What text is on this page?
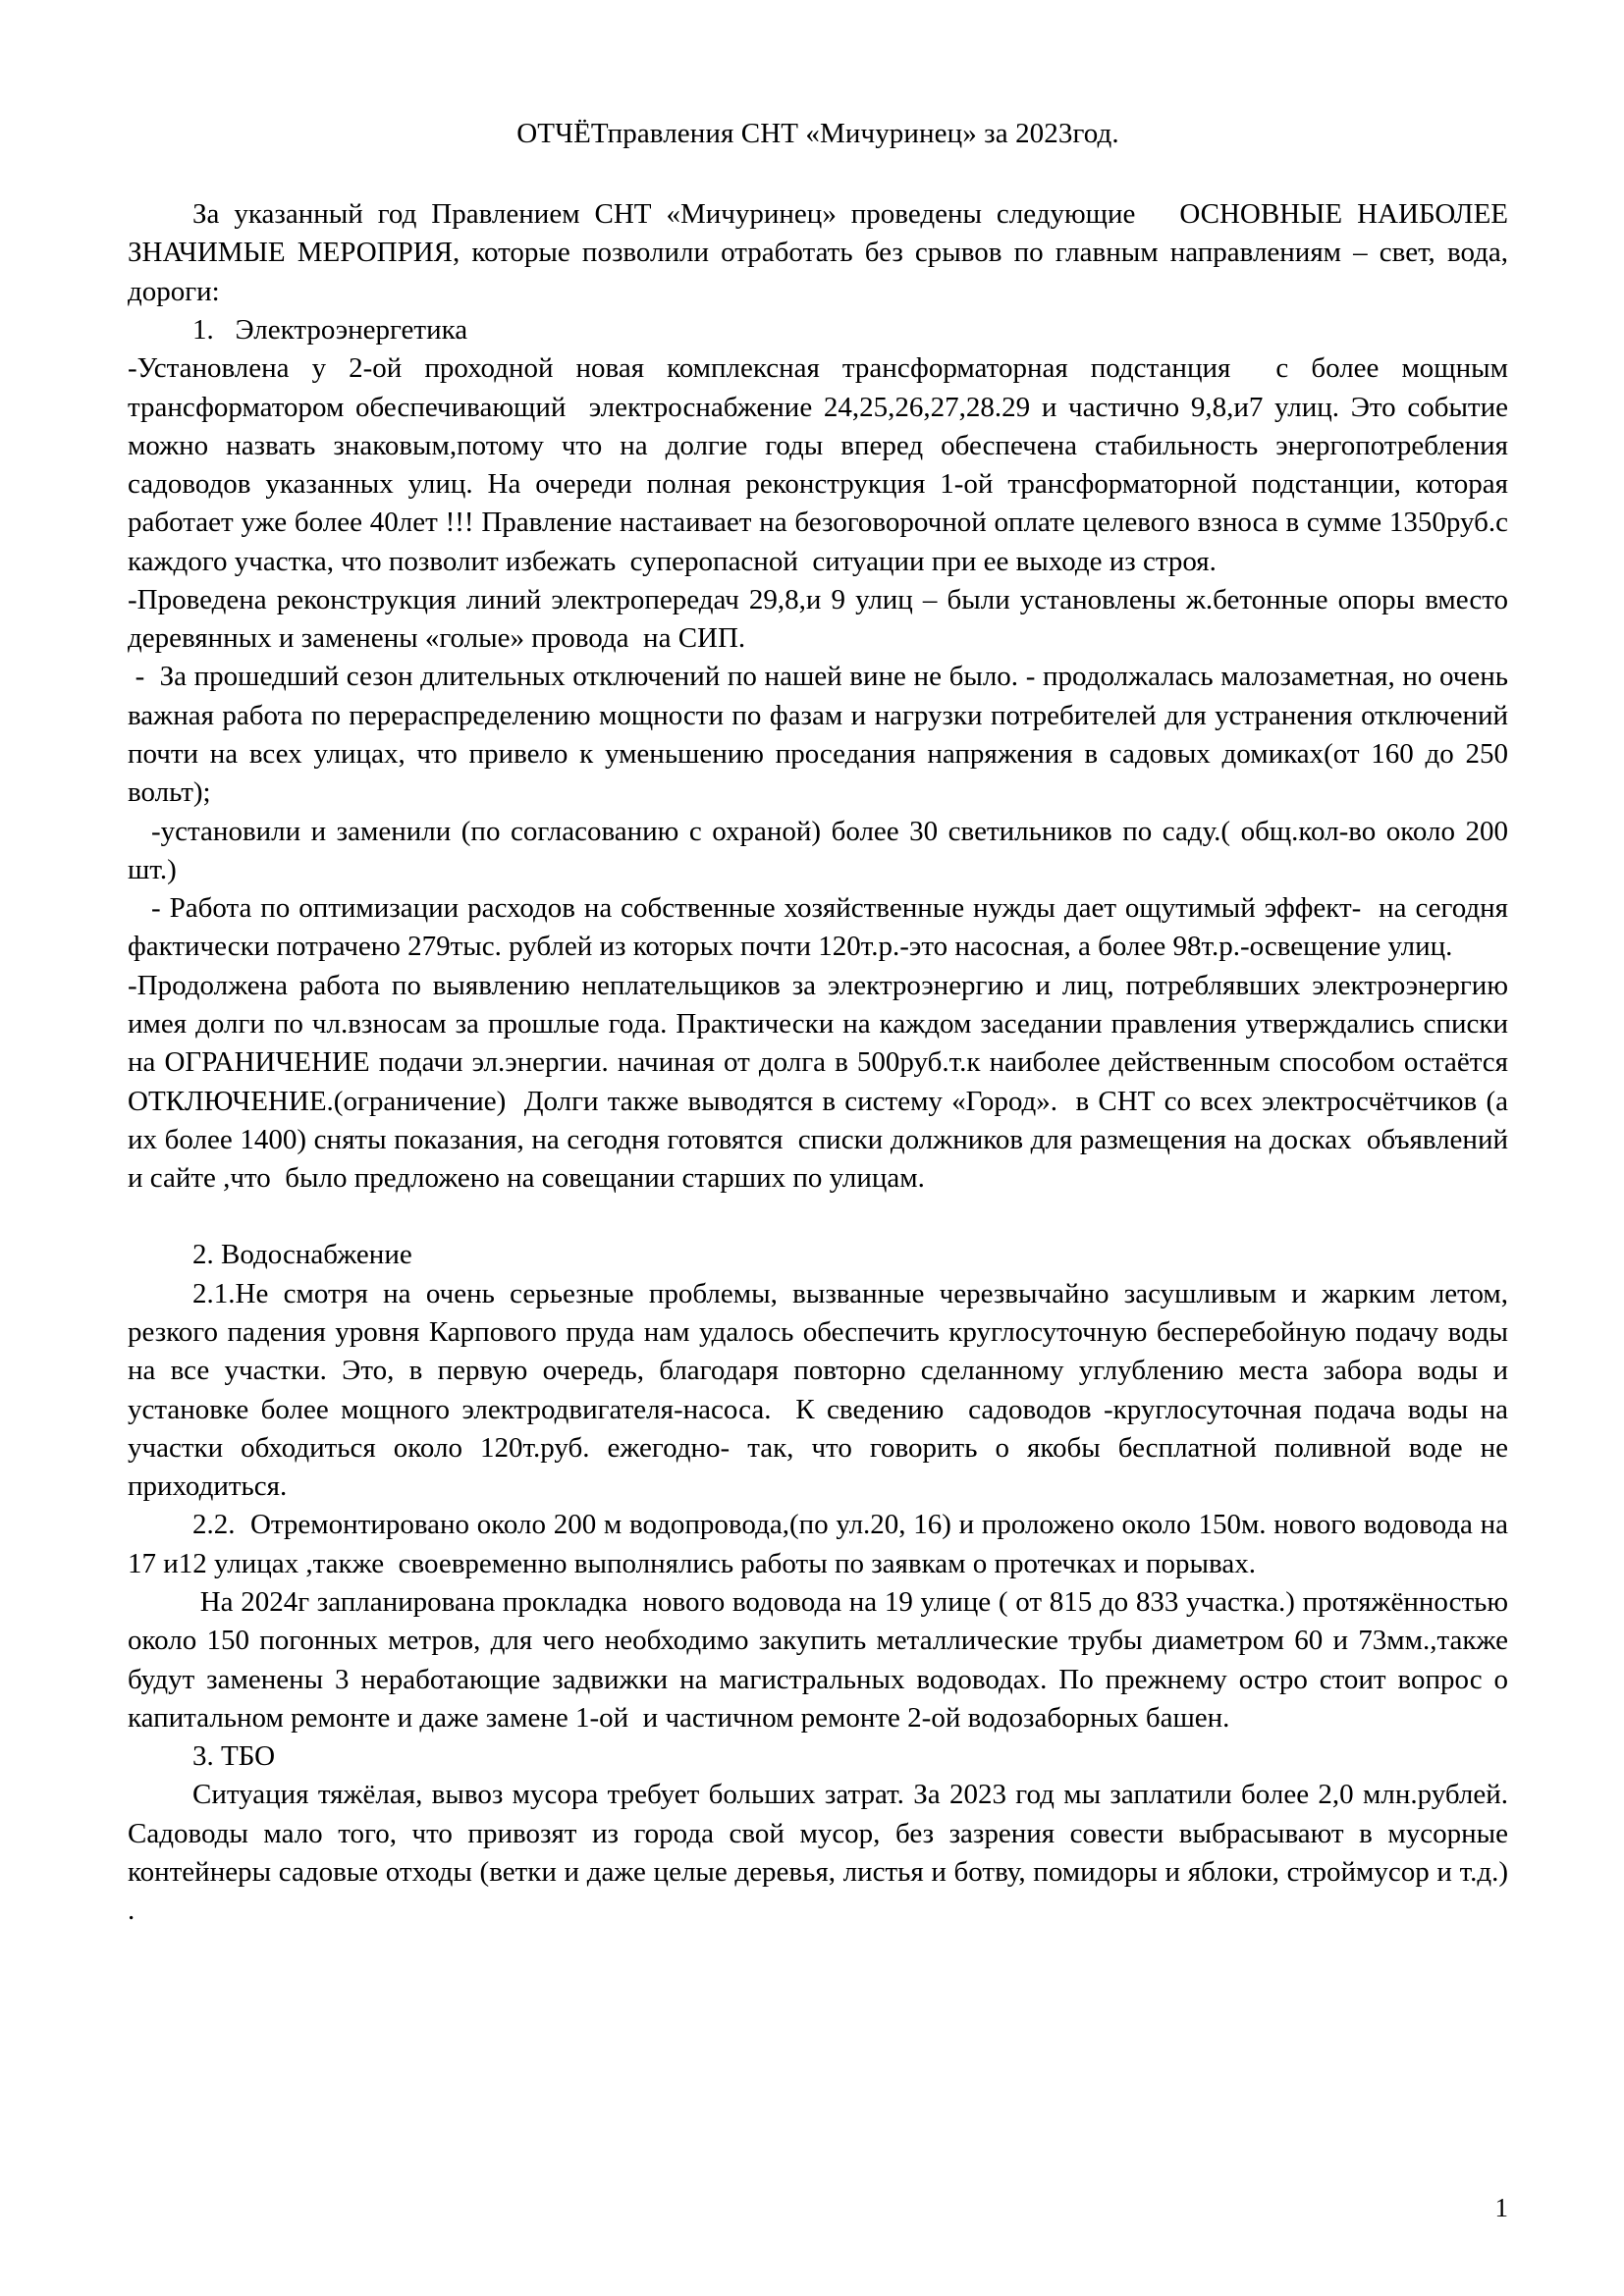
ОТЧЁТправления СНТ «Мичуринец» за 2023год.

За указанный год Правлением СНТ «Мичуринец» проведены следующие   ОСНОВНЫЕ НАИБОЛЕЕ ЗНАЧИМЫЕ МЕРОПРИЯ, которые позволили отработать без срывов по главным направлениям – свет, вода, дороги:

1. Электроэнергетика

-Установлена у 2-ой проходной новая комплексная трансформаторная подстанция  с более мощным трансформатором обеспечивающий  электроснабжение 24,25,26,27,28.29 и частично 9,8,и7 улиц. Это событие можно назвать знаковым,потому что на долгие годы вперед обеспечена стабильность энергопотребления садоводов указанных улиц. На очереди полная реконструкция 1-ой трансформаторной подстанции, которая работает уже более 40лет !!! Правление настаивает на безоговорочной оплате целевого взноса в сумме 1350руб.с каждого участка, что позволит избежать  суперопасной  ситуации при ее выходе из строя.

-Проведена реконструкция линий электропередач 29,8,и 9 улиц – были установлены ж.бетонные опоры вместо деревянных и заменены «голые» провода  на СИП.

-  За прошедший сезон длительных отключений по нашей вине не было. - продолжалась малозаметная, но очень важная работа по перераспределению мощности по фазам и нагрузки потребителей для устранения отключений почти на всех улицах, что привело к уменьшению проседания напряжения в садовых домиках(от 160 до 250 вольт);

-установили и заменили (по согласованию с охраной) более 30 светильников по саду.( общ.кол-во около 200 шт.)

- Работа по оптимизации расходов на собственные хозяйственные нужды дает ощутимый эффект-  на сегодня фактически потрачено 279тыс. рублей из которых почти 120т.р.-это насосная, а более 98т.р.-освещение улиц.

-Продолжена работа по выявлению неплательщиков за электроэнергию и лиц, потреблявших электроэнергию имея долги по чл.взносам за прошлые года. Практически на каждом заседании правления утверждались списки на ОГРАНИЧЕНИЕ подачи эл.энергии. начиная от долга в 500руб.т.к наиболее действенным способом остаётся ОТКЛЮЧЕНИЕ.(ограничение)  Долги также выводятся в систему «Город».  в СНТ со всех электросчётчиков (а их более 1400) сняты показания, на сегодня готовятся  списки должников для размещения на досках  объявлений и сайте ,что  было предложено на совещании старших по улицам.

2. Водоснабжение

2.1.Не смотря на очень серьезные проблемы, вызванные черезвычайно засушливым и жарким летом, резкого падения уровня Карпового пруда нам удалось обеспечить круглосуточную бесперебойную подачу воды на все участки. Это, в первую очередь, благодаря повторно сделанному углублению места забора воды и установке более мощного электродвигателя-насоса.  К сведению  садоводов -круглосуточная подача воды на участки обходиться около 120т.руб. ежегодно- так, что говорить о якобы бесплатной поливной воде не приходиться.

2.2.  Отремонтировано около 200 м водопровода,(по ул.20, 16) и проложено около 150м. нового водовода на 17 и12 улицах ,также  своевременно выполнялись работы по заявкам о протечках и порывах.

На 2024г запланирована прокладка  нового водовода на 19 улице ( от 815 до 833 участка.) протяжённостью около 150 погонных метров, для чего необходимо закупить металлические трубы диаметром 60 и 73мм.,также будут заменены 3 неработающие задвижки на магистральных водоводах. По прежнему остро стоит вопрос о капитальном ремонте и даже замене 1-ой  и частичном ремонте 2-ой водозаборных башен.

3. ТБО

Ситуация тяжёлая, вывоз мусора требует больших затрат. За 2023 год мы заплатили более 2,0 млн.рублей.  Садоводы мало того, что привозят из города свой мусор, без зазрения совести выбрасывают в мусорные контейнеры садовые отходы (ветки и даже целые деревья, листья и ботву, помидоры и яблоки, строймусор и т.д.) .

1
